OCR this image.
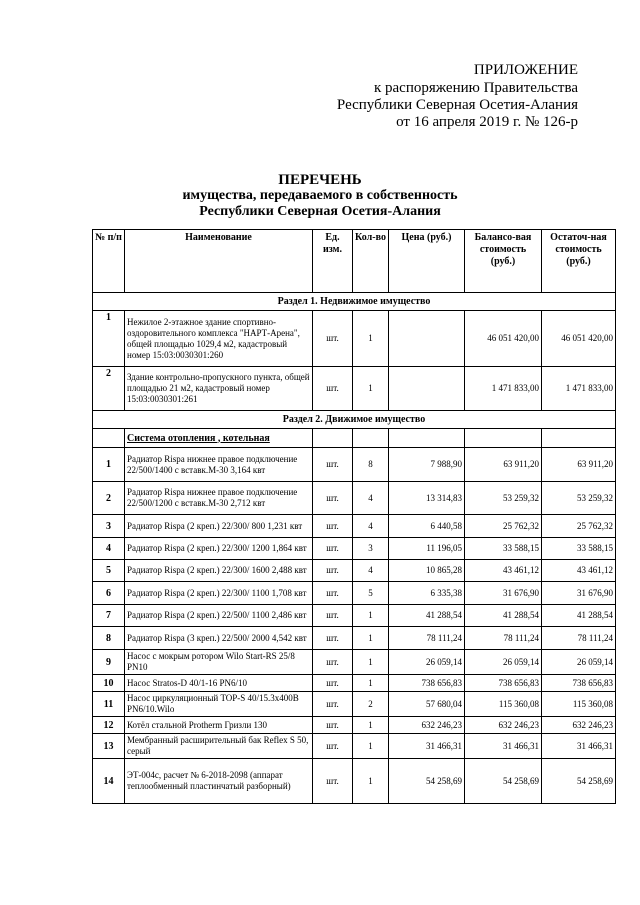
ПРИЛОЖЕНИЕ
к распоряжению Правительства
Республики Северная Осетия-Алания
от 16 апреля 2019 г. № 126-р
ПЕРЕЧЕНЬ
имущества, передаваемого в собственность
Республики Северная Осетия-Алания
№ п/п	Наименование	Ед. изм.	Кол-во	Цена (руб.)	Балансо-вая стоимость (руб.)	Остаточ-ная стоимость (руб.)
Раздел 1. Недвижимое имущество						
1	Нежилое 2-этажное здание спортивно-оздоровительного комплекса "НАРТ-Арена", общей площадью 1029,4 м2, кадастровый номер 15:03:0030301:260	шт.	1		46 051 420,00	46 051 420,00
2	Здание контрольно-пропускного пункта, общей площадью 21 м2, кадастровый номер 15:03:0030301:261	шт.	1		1 471 833,00	1 471 833,00
Раздел 2. Движимое имущество						
	Система отопления , котельная					
1	Радиатор Rispa нижнее правое подключение 22/500/1400 с вставк.М-30 3,164 квт	шт.	8	7 988,90	63 911,20	63 911,20
2	Радиатор Rispa нижнее правое подключение 22/500/1200 с вставк.М-30 2,712 квт	шт.	4	13 314,83	53 259,32	53 259,32
3	Радиатор Rispa (2 креп.) 22/300/ 800 1,231 квт	шт.	4	6 440,58	25 762,32	25 762,32
4	Радиатор Rispa (2 креп.) 22/300/ 1200 1,864 квт	шт.	3	11 196,05	33 588,15	33 588,15
5	Радиатор Rispa (2 креп.) 22/300/ 1600 2,488 квт	шт.	4	10 865,28	43 461,12	43 461,12
6	Радиатор Rispa (2 креп.) 22/300/ 1100 1,708 квт	шт.	5	6 335,38	31 676,90	31 676,90
7	Радиатор Rispa (2 креп.) 22/500/ 1100 2,486 квт	шт.	1	41 288,54	41 288,54	41 288,54
8	Радиатор Rispa (3 креп.) 22/500/ 2000 4,542 квт	шт.	1	78 111,24	78 111,24	78 111,24
9	Насос с мокрым ротором Wilo Start-RS 25/8 PN10	шт.	1	26 059,14	26 059,14	26 059,14
10	Насос Stratos-D 40/1-16 PN6/10	шт.	1	738 656,83	738 656,83	738 656,83
11	Насос циркуляционный TOP-S 40/15.3х400В PN6/10.Wilo	шт.	2	57 680,04	115 360,08	115 360,08
12	Котёл стальной Protherm Гризли 130	шт.	1	632 246,23	632 246,23	632 246,23
13	Мембранный расширительный бак Reflex S 50, серый	шт.	1	31 466,31	31 466,31	31 466,31
14	ЭТ-004с, расчет № 6-2018-2098 (аппарат теплообменный пластинчатый разборный)	шт.	1	54 258,69	54 258,69	54 258,69
